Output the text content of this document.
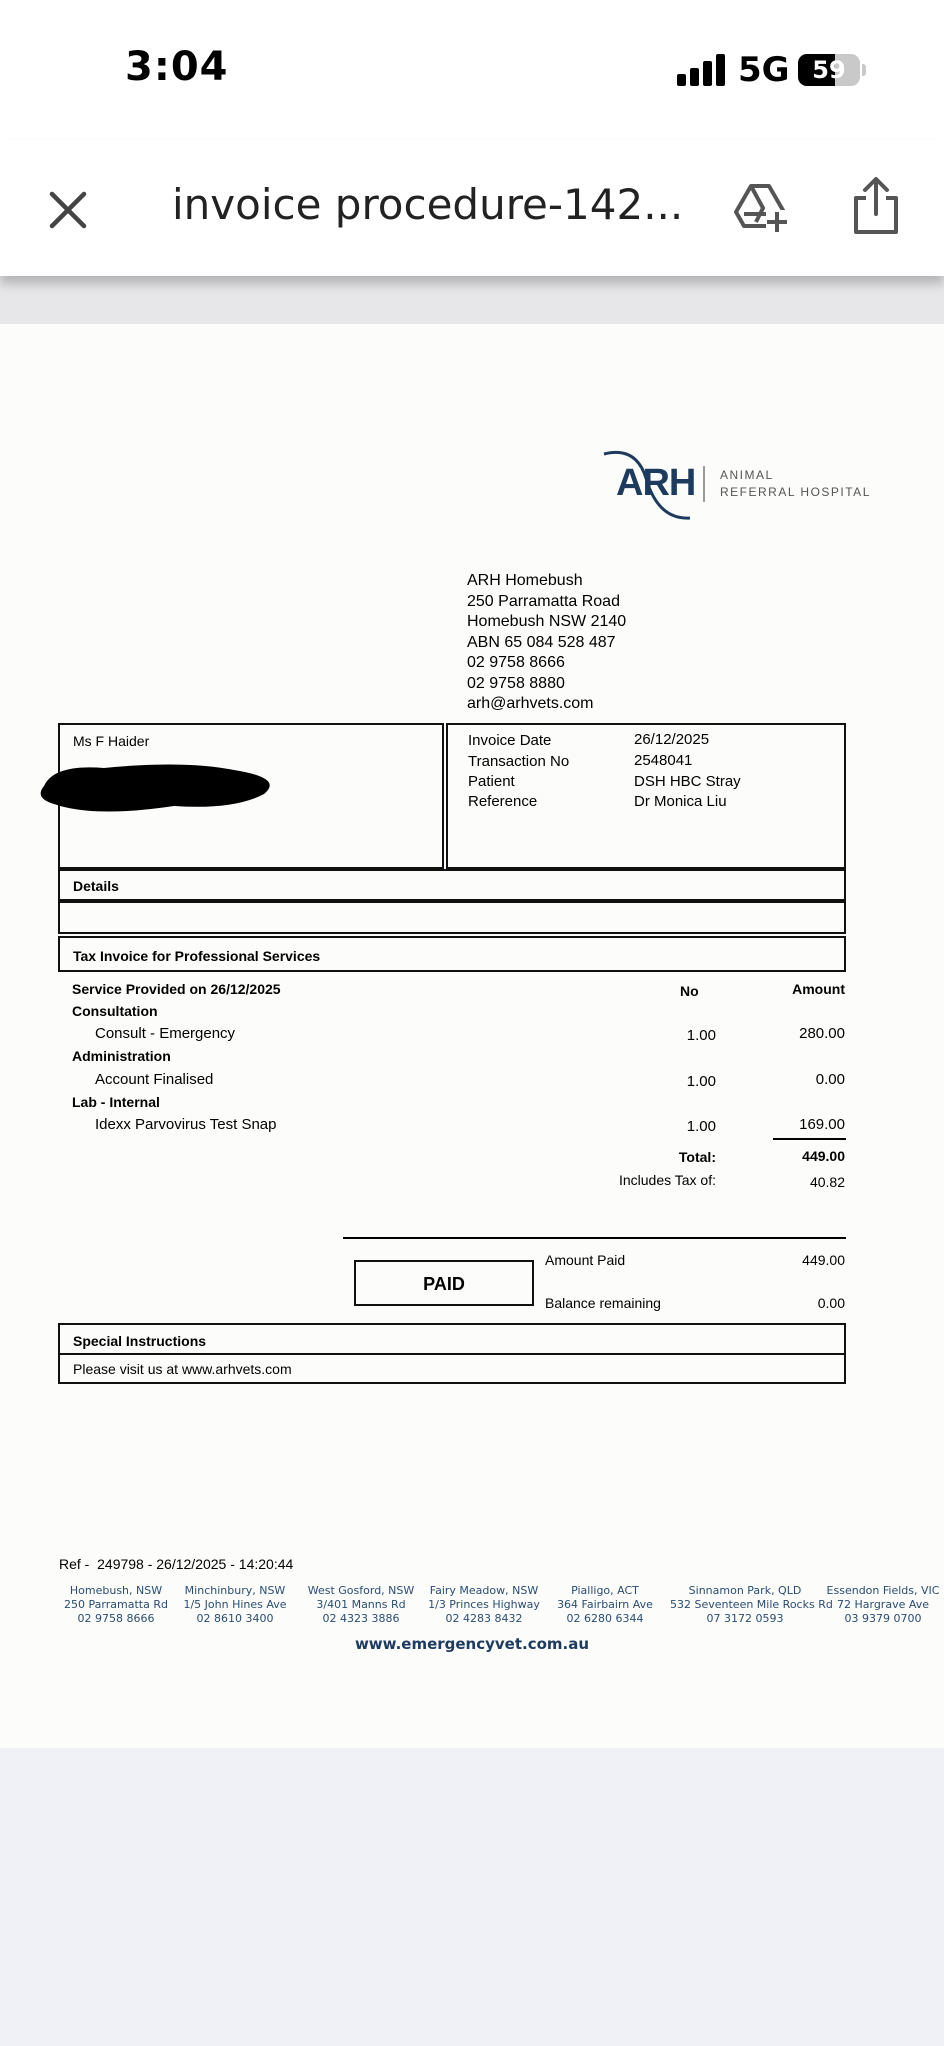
3:04	5G 59
invoice procedure-142...
ARH ANIMAL
REFERRAL HOSPITAL
ARH Homebush
250 Parramatta Road
Homebush NSW 2140
ABN 65 084 528 487
02 9758 8666
02 9758 8880
arh@arhvets.com
Ms F Haider	Invoice Date	26/12/2025
Transaction No	2548041
Patient	DSH HBC Stray
Reference	Dr Monica Liu
Details
Tax Invoice for Professional Services
Service Provided on 26/12/2025	No	Amount
Consultation
Consult - Emergency	1.00	280.00
Administration
Account Finalised	1.00	0.00
Lab - Internal
Idexx Parvovirus Test Snap	1.00	169.00
Total:	449.00
Includes Tax of:	40.82
PAID
Amount Paid	449.00
Balance remaining	0.00
Special Instructions
Please visit us at www.arhvets.com
Ref -  249798 - 26/12/2025 - 14:20:44
Homebush, NSW
250 Parramatta Rd
02 9758 8666
Minchinbury, NSW
1/5 John Hines Ave
02 8610 3400
West Gosford, NSW
3/401 Manns Rd
02 4323 3886
Fairy Meadow, NSW
1/3 Princes Highway
02 4283 8432
Pialligo, ACT
364 Fairbairn Ave
02 6280 6344
Sinnamon Park, QLD
532 Seventeen Mile Rocks Rd
07 3172 0593
Essendon Fields, VIC
72 Hargrave Ave
03 9379 0700
www.emergencyvet.com.au
